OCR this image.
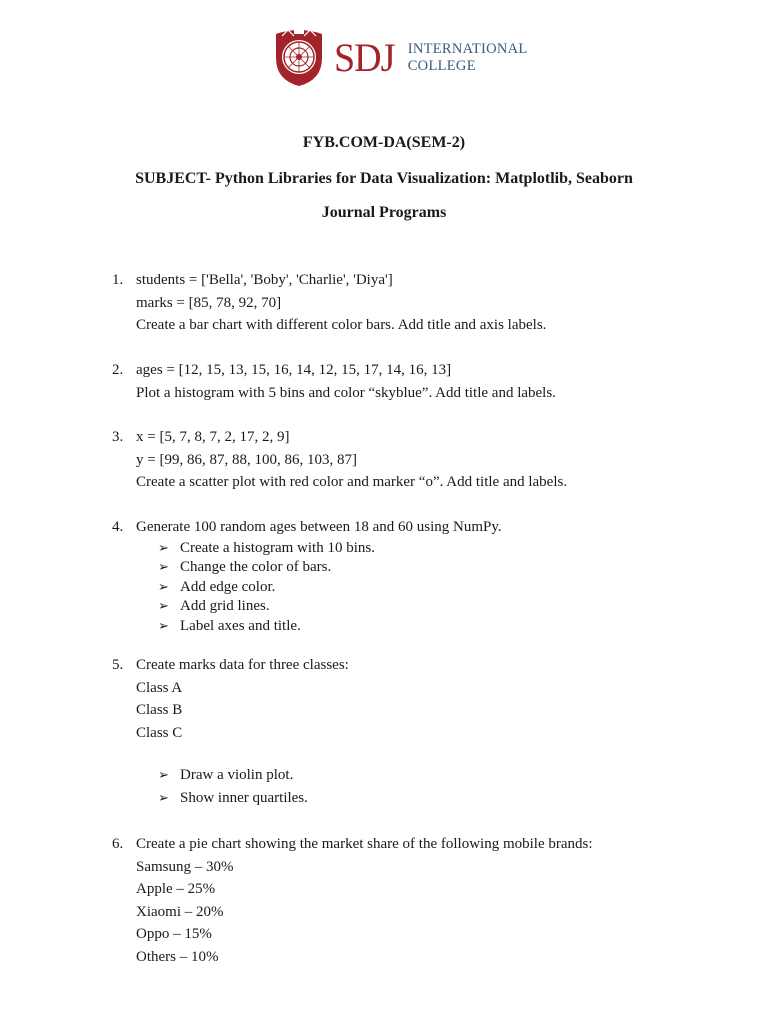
SDJ INTERNATIONAL
COLLEGE
FYB.COM-DA(SEM-2)
SUBJECT- Python Libraries for Data Visualization: Matplotlib, Seaborn
Journal Programs
1. students = ['Bella', 'Boby', 'Charlie', 'Diya']
marks = [85, 78, 92, 70]
Create a bar chart with different color bars. Add title and axis labels.
2. ages = [12, 15, 13, 15, 16, 14, 12, 15, 17, 14, 16, 13]
Plot a histogram with 5 bins and color “skyblue”. Add title and labels.
3. x = [5, 7, 8, 7, 2, 17, 2, 9]
y = [99, 86, 87, 88, 100, 86, 103, 87]
Create a scatter plot with red color and marker “o”. Add title and labels.
4. Generate 100 random ages between 18 and 60 using NumPy.
➢ Create a histogram with 10 bins.
➢ Change the color of bars.
➢ Add edge color.
➢ Add grid lines.
➢ Label axes and title.
5. Create marks data for three classes:
Class A
Class B
Class C
➢ Draw a violin plot.
➢ Show inner quartiles.
6. Create a pie chart showing the market share of the following mobile brands:
Samsung – 30%
Apple – 25%
Xiaomi – 20%
Oppo – 15%
Others – 10%
